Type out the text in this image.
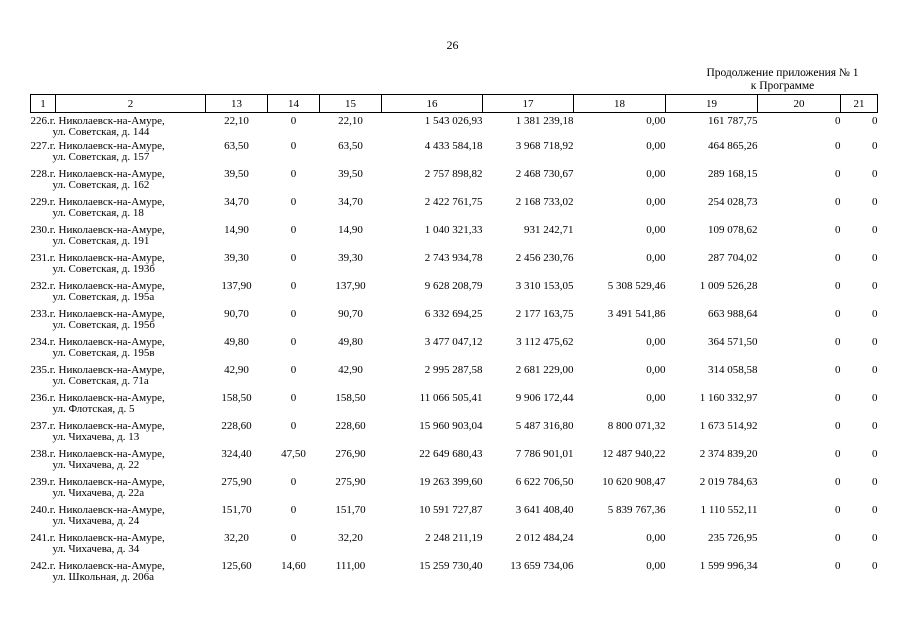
26
Продолжение приложения № 1
к Программе
1	2	13	14	15	16	17	18	19	20	21

226.г. Николаевск-на-Амуре,
ул. Советская, д. 144		22,10	0	22,10	1 543 026,93	1 381 239,18	0,00	161 787,75	0	0

227.г. Николаевск-на-Амуре,
ул. Советская, д. 157		63,50	0	63,50	4 433 584,18	3 968 718,92	0,00	464 865,26	0	0

228.г. Николаевск-на-Амуре,
ул. Советская, д. 162		39,50	0	39,50	2 757 898,82	2 468 730,67	0,00	289 168,15	0	0

229.г. Николаевск-на-Амуре,
ул. Советская, д. 18		34,70	0	34,70	2 422 761,75	2 168 733,02	0,00	254 028,73	0	0

230.г. Николаевск-на-Амуре,
ул. Советская, д. 191		14,90	0	14,90	1 040 321,33	931 242,71	0,00	109 078,62	0	0

231.г. Николаевск-на-Амуре,
ул. Советская, д. 193б		39,30	0	39,30	2 743 934,78	2 456 230,76	0,00	287 704,02	0	0

232.г. Николаевск-на-Амуре,
ул. Советская, д. 195а		137,90	0	137,90	9 628 208,79	3 310 153,05	5 308 529,46	1 009 526,28	0	0

233.г. Николаевск-на-Амуре,
ул. Советская, д. 195б		90,70	0	90,70	6 332 694,25	2 177 163,75	3 491 541,86	663 988,64	0	0

234.г. Николаевск-на-Амуре,
ул. Советская, д. 195в		49,80	0	49,80	3 477 047,12	3 112 475,62	0,00	364 571,50	0	0

235.г. Николаевск-на-Амуре,
ул. Советская, д. 71а		42,90	0	42,90	2 995 287,58	2 681 229,00	0,00	314 058,58	0	0

236.г. Николаевск-на-Амуре,
ул. Флотская, д. 5		158,50	0	158,50	11 066 505,41	9 906 172,44	0,00	1 160 332,97	0	0

237.г. Николаевск-на-Амуре,
ул. Чихачева, д. 13		228,60	0	228,60	15 960 903,04	5 487 316,80	8 800 071,32	1 673 514,92	0	0

238.г. Николаевск-на-Амуре,
ул. Чихачева, д. 22		324,40	47,50	276,90	22 649 680,43	7 786 901,01	12 487 940,22	2 374 839,20	0	0

239.г. Николаевск-на-Амуре,
ул. Чихачева, д. 22а		275,90	0	275,90	19 263 399,60	6 622 706,50	10 620 908,47	2 019 784,63	0	0

240.г. Николаевск-на-Амуре,
ул. Чихачева, д. 24		151,70	0	151,70	10 591 727,87	3 641 408,40	5 839 767,36	1 110 552,11	0	0

241.г. Николаевск-на-Амуре,
ул. Чихачева, д. 34		32,20	0	32,20	2 248 211,19	2 012 484,24	0,00	235 726,95	0	0

242.г. Николаевск-на-Амуре,
ул. Школьная, д. 206а		125,60	14,60	111,00	15 259 730,40	13 659 734,06	0,00	1 599 996,34	0	0
